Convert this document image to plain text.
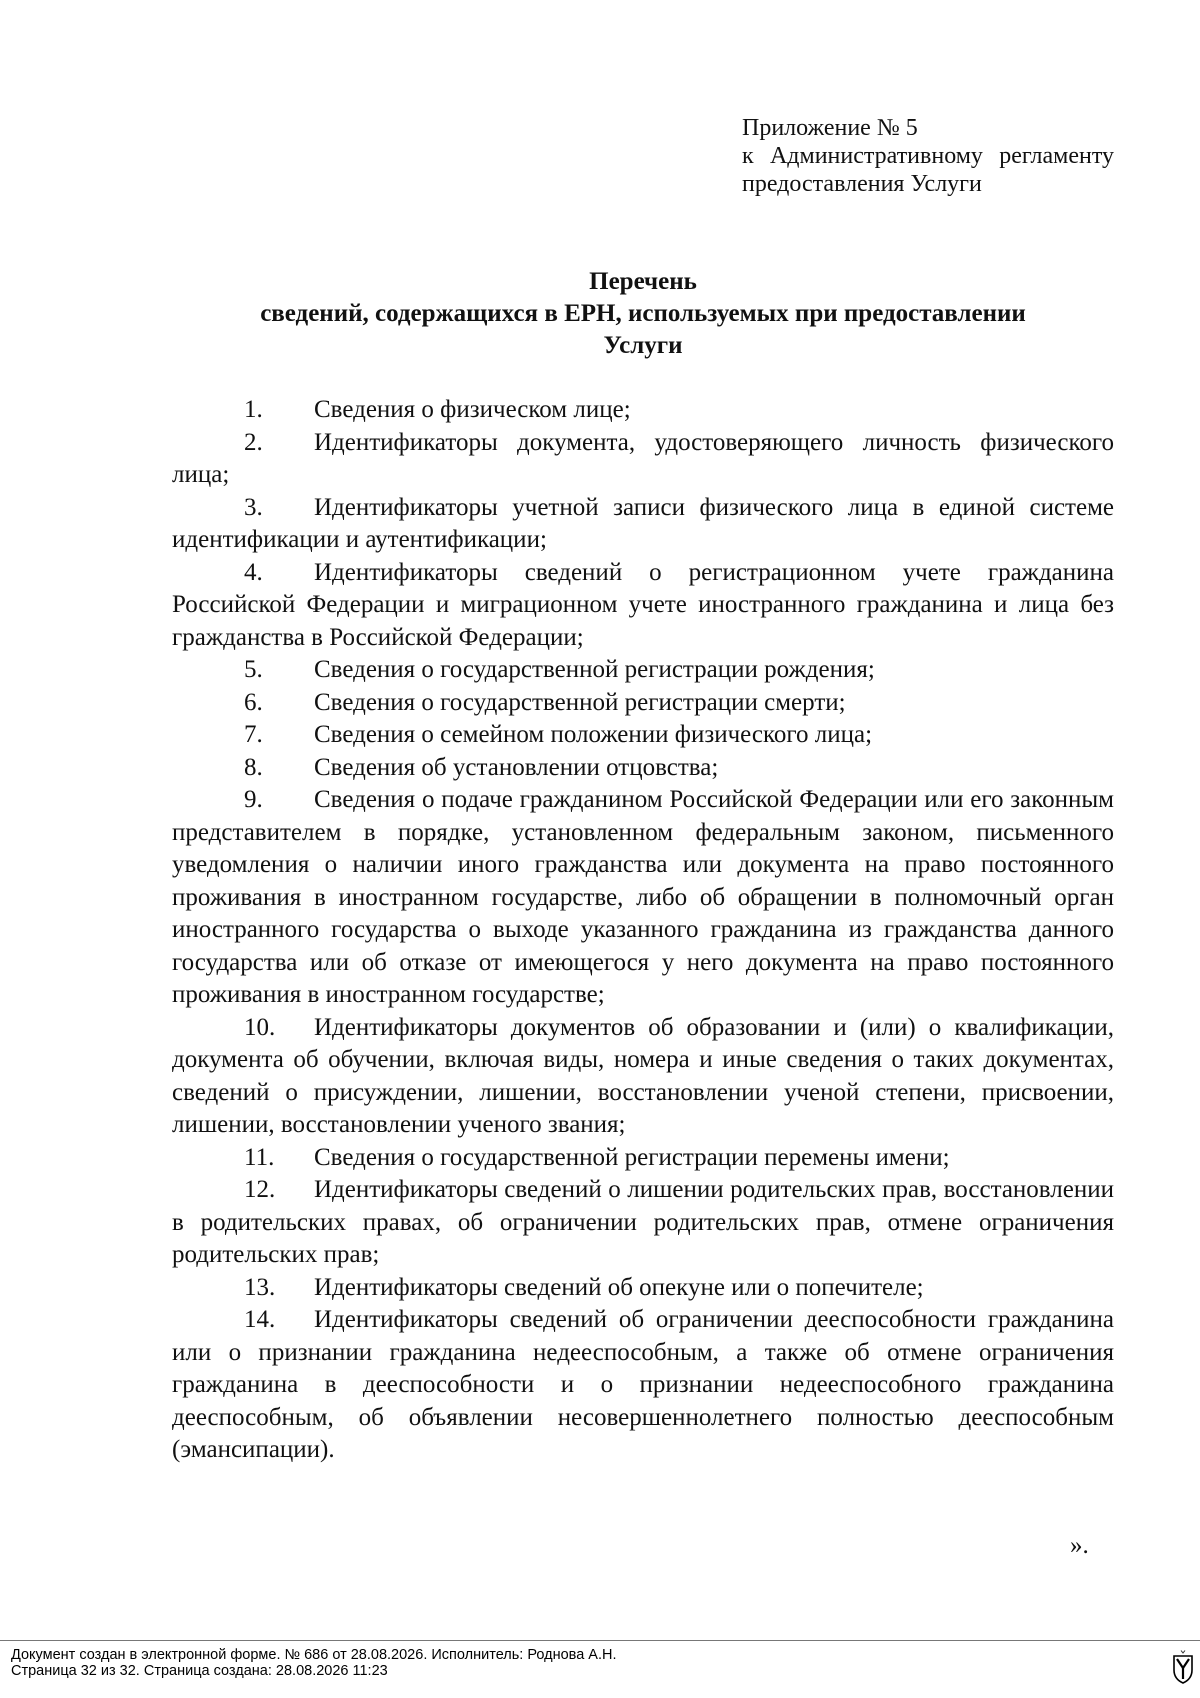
Приложение № 5
к Административному регламенту
предоставления Услуги
Перечень
сведений, содержащихся в ЕРН, используемых при предоставлении
Услуги

1. Сведения о физическом лице;

2. Идентификаторы документа, удостоверяющего личность физического лица;

3. Идентификаторы учетной записи физического лица в единой системе идентификации и аутентификации;

4. Идентификаторы сведений о регистрационном учете гражданина Российской Федерации и миграционном учете иностранного гражданина и лица без гражданства в Российской Федерации;

5. Сведения о государственной регистрации рождения;

6. Сведения о государственной регистрации смерти;

7. Сведения о семейном положении физического лица;

8. Сведения об установлении отцовства;

9. Сведения о подаче гражданином Российской Федерации или его законным представителем в порядке, установленном федеральным законом, письменного уведомления о наличии иного гражданства или документа на право постоянного проживания в иностранном государстве, либо об обращении в полномочный орган иностранного государства о выходе указанного гражданина из гражданства данного государства или об отказе от имеющегося у него документа на право постоянного проживания в иностранном государстве;

10. Идентификаторы документов об образовании и (или) о квалификации, документа об обучении, включая виды, номера и иные сведения о таких документах, сведений о присуждении, лишении, восстановлении ученой степени, присвоении, лишении, восстановлении ученого звания;

11. Сведения о государственной регистрации перемены имени;

12. Идентификаторы сведений о лишении родительских прав, восстановлении в родительских правах, об ограничении родительских прав, отмене ограничения родительских прав;

13. Идентификаторы сведений об опекуне или о попечителе;

14. Идентификаторы сведений об ограничении дееспособности гражданина или о признании гражданина недееспособным, а также об отмене ограничения гражданина в дееспособности и о признании недееспособного гражданина дееспособным, об объявлении несовершеннолетнего полностью дееспособным (эмансипации).

».
Документ создан в электронной форме. № 686 от 28.08.2026. Исполнитель: Роднова А.Н.
Страница 32 из 32. Страница создана: 28.08.2026 11:23
